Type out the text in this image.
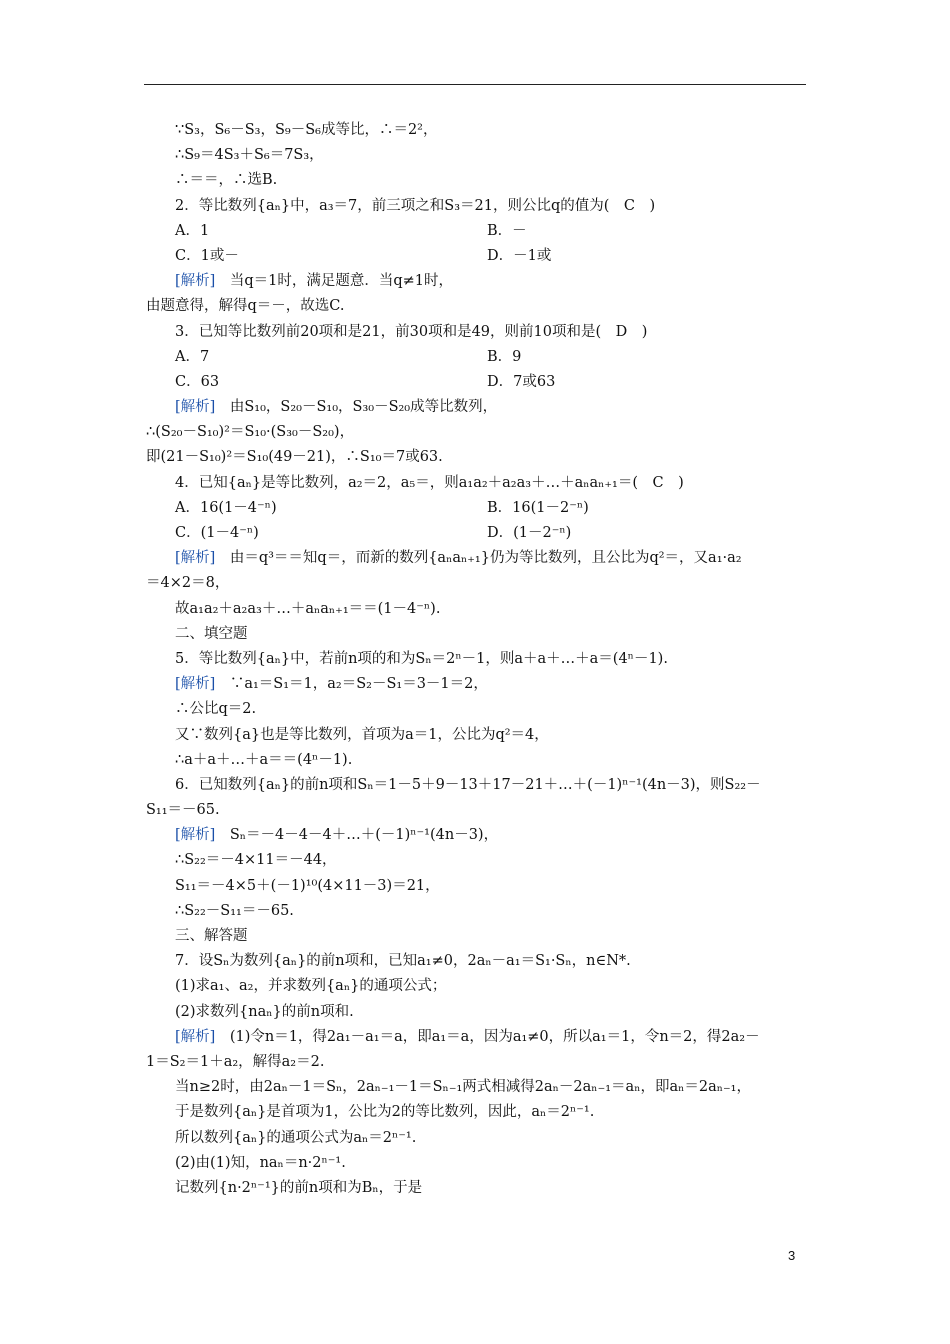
∵S₃，S₆－S₃，S₉－S₆成等比，∴＝2²，
∴S₉＝4S₃＋S₆＝7S₃，
∴＝＝，∴选B.
2．等比数列{aₙ}中，a₃＝7，前三项之和S₃＝21，则公比q的值为(　C　)
A．1	B．－
C．1或－	D．－1或
[解析]　当q＝1时，满足题意．当q≠1时，
由题意得，解得q＝－，故选C.
3．已知等比数列前20项和是21，前30项和是49，则前10项和是(　D　)
A．7	B．9
C．63	D．7或63
[解析]　由S₁₀，S₂₀－S₁₀，S₃₀－S₂₀成等比数列，
∴(S₂₀－S₁₀)²＝S₁₀·(S₃₀－S₂₀)，
即(21－S₁₀)²＝S₁₀(49－21)，∴S₁₀＝7或63.
4．已知{aₙ}是等比数列，a₂＝2，a₅＝，则a₁a₂＋a₂a₃＋…＋aₙaₙ₊₁＝(　C　)
A．16(1－4⁻ⁿ)	B．16(1－2⁻ⁿ)
C．(1－4⁻ⁿ)	D．(1－2⁻ⁿ)
[解析]　由＝q³＝＝知q＝，而新的数列{aₙaₙ₊₁}仍为等比数列，且公比为q²＝，又a₁·a₂
＝4×2＝8，
故a₁a₂＋a₂a₃＋…＋aₙaₙ₊₁＝＝(1－4⁻ⁿ).
二、填空题
5．等比数列{aₙ}中，若前n项的和为Sₙ＝2ⁿ－1，则a＋a＋…＋a＝(4ⁿ－1).
[解析]　∵a₁＝S₁＝1，a₂＝S₂－S₁＝3－1＝2，
∴公比q＝2.
又∵数列{a}也是等比数列，首项为a＝1，公比为q²＝4，
∴a＋a＋…＋a＝＝(4ⁿ－1).
6．已知数列{aₙ}的前n项和Sₙ＝1－5＋9－13＋17－21＋…＋(－1)ⁿ⁻¹(4n－3)，则S₂₂－
S₁₁＝－65.
[解析]　Sₙ＝－4－4－4＋…＋(－1)ⁿ⁻¹(4n－3)，
∴S₂₂＝－4×11＝－44，
S₁₁＝－4×5＋(－1)¹⁰(4×11－3)＝21，
∴S₂₂－S₁₁＝－65.
三、解答题
7．设Sₙ为数列{aₙ}的前n项和，已知a₁≠0，2aₙ－a₁＝S₁·Sₙ，n∈N*.
(1)求a₁、a₂，并求数列{aₙ}的通项公式；
(2)求数列{naₙ}的前n项和.
[解析]　(1)令n＝1，得2a₁－a₁＝a，即a₁＝a，因为a₁≠0，所以a₁＝1，令n＝2，得2a₂－
1＝S₂＝1＋a₂，解得a₂＝2.
当n≥2时，由2aₙ－1＝Sₙ，2aₙ₋₁－1＝Sₙ₋₁两式相减得2aₙ－2aₙ₋₁＝aₙ，即aₙ＝2aₙ₋₁，
于是数列{aₙ}是首项为1，公比为2的等比数列，因此，aₙ＝2ⁿ⁻¹.
所以数列{aₙ}的通项公式为aₙ＝2ⁿ⁻¹.
(2)由(1)知，naₙ＝n·2ⁿ⁻¹.
记数列{n·2ⁿ⁻¹}的前n项和为Bₙ，于是
3
